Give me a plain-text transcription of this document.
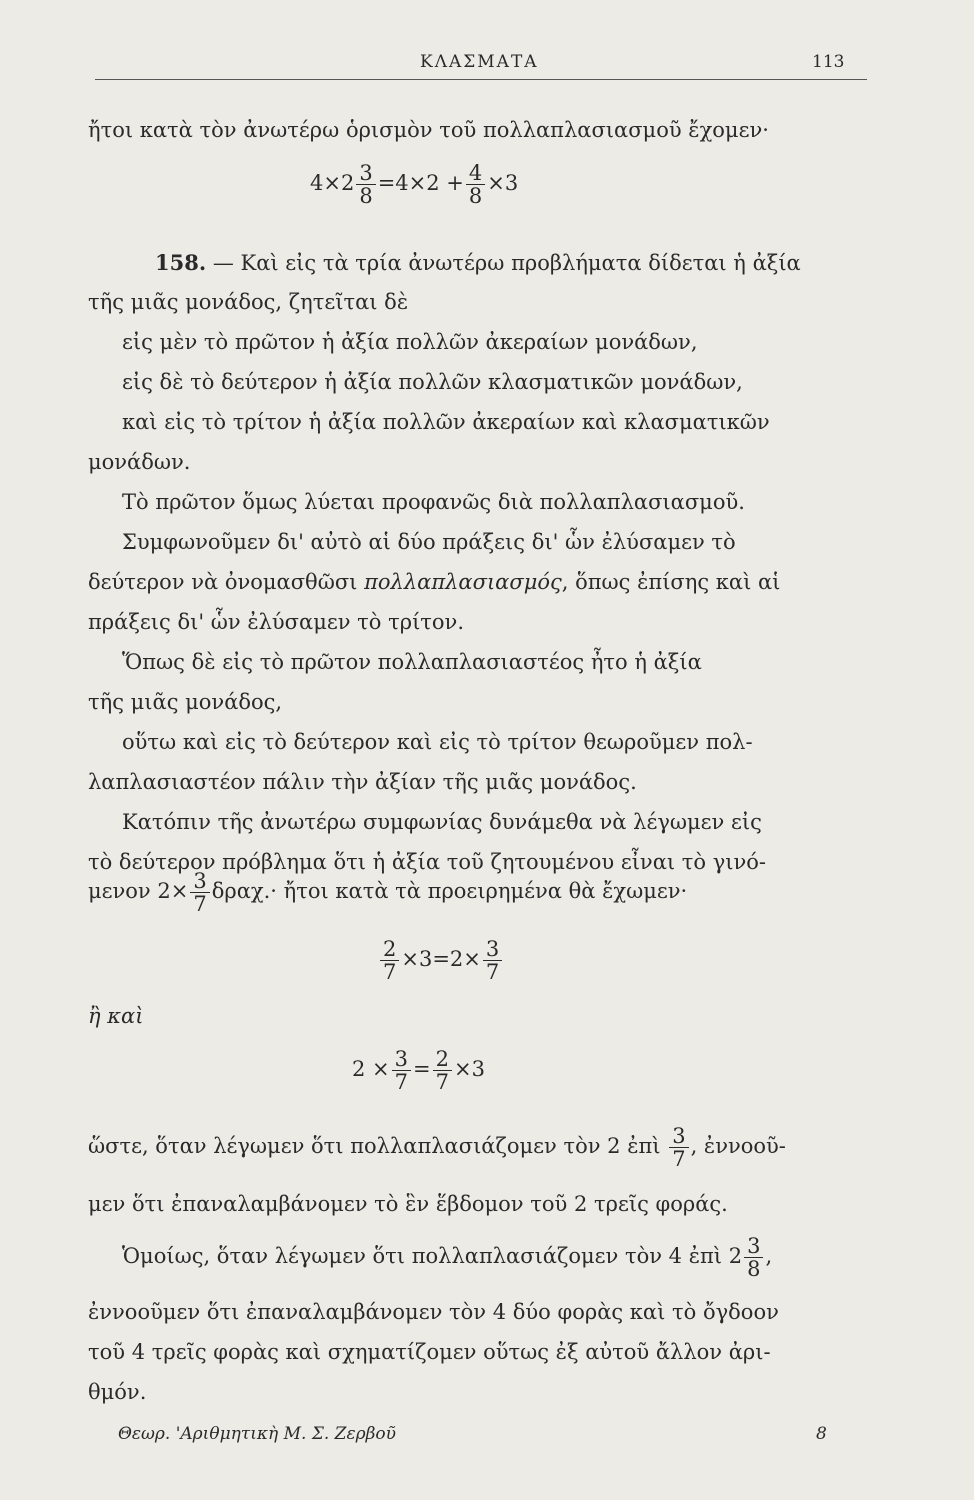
ΚΛΑΣΜΑΤΑ	113
ἤτοι κατὰ τὸν ἀνωτέρω ὁρισμὸν τοῦ πολλαπλασιασμοῦ ἔχομεν·
$4\times 2 \frac{3}{8} =4\times 2 + \frac{4}{8} \times 3$
158. — Καὶ εἰς τὰ τρία ἀνωτέρω προβλήματα δίδεται ἡ ἀξία
τῆς μιᾶς μονάδος, ζητεῖται δὲ
εἰς μὲν τὸ πρῶτον ἡ ἀξία πολλῶν ἀκεραίων μονάδων,
εἰς δὲ τὸ δεύτερον ἡ ἀξία πολλῶν κλασματικῶν μονάδων,
καὶ εἰς τὸ τρίτον ἡ ἀξία πολλῶν ἀκεραίων καὶ κλασματικῶν
μονάδων.
Τὸ πρῶτον ὅμως λύεται προφανῶς διὰ πολλαπλασιασμοῦ.
Συμφωνοῦμεν δι' αὐτὸ αἱ δύο πράξεις δι' ὧν ἐλύσαμεν τὸ
δεύτερον νὰ ὀνομασθῶσι πολλαπλασιασμός, ὅπως ἐπίσης καὶ αἱ
πράξεις δι' ὧν ἐλύσαμεν τὸ τρίτον.
Ὅπως δὲ εἰς τὸ πρῶτον πολλαπλασιαστέος ἦτο ἡ ἀξία
τῆς μιᾶς μονάδος,
οὕτω καὶ εἰς τὸ δεύτερον καὶ εἰς τὸ τρίτον θεωροῦμεν πολ-
λαπλασιαστέον πάλιν τὴν ἀξίαν τῆς μιᾶς μονάδος.
Κατόπιν τῆς ἀνωτέρω συμφωνίας δυνάμεθα νὰ λέγωμεν εἰς
τὸ δεύτερον πρόβλημα ὅτι ἡ ἀξία τοῦ ζητουμένου εἶναι τὸ γινό-
μενον $2\times \frac{3}{7} \delta\rho\alpha\chi.\cdot$ ἤτοι κατὰ τὰ προειρημένα θὰ ἔχωμεν·
$\frac{2}{7} \times 3=2\times \frac{3}{7}$
ἢ καὶ
$2 \times \frac{3}{7} = \frac{2}{7} \times 3$
ὥστε, ὅταν λέγωμεν ὅτι πολλαπλασιάζομεν τὸν 2 ἐπὶ $\frac{3}{7}$ , ἐννοοῦ-
μεν ὅτι ἐπαναλαμβάνομεν τὸ ἓν ἕβδομον τοῦ 2 τρεῖς φοράς.
Ὁμοίως, ὅταν λέγωμεν ὅτι πολλαπλασιάζομεν τὸν 4 ἐπὶ $2 \frac{3}{8}$ ,
ἐννοοῦμεν ὅτι ἐπαναλαμβάνομεν τὸν 4 δύο φορὰς καὶ τὸ ὄγδοον
τοῦ 4 τρεῖς φορὰς καὶ σχηματίζομεν οὕτως ἐξ αὐτοῦ ἄλλον ἀρι-
θμόν.
Θεωρ. 'Αριθμητικὴ Μ. Σ. Ζερβοῦ	8
